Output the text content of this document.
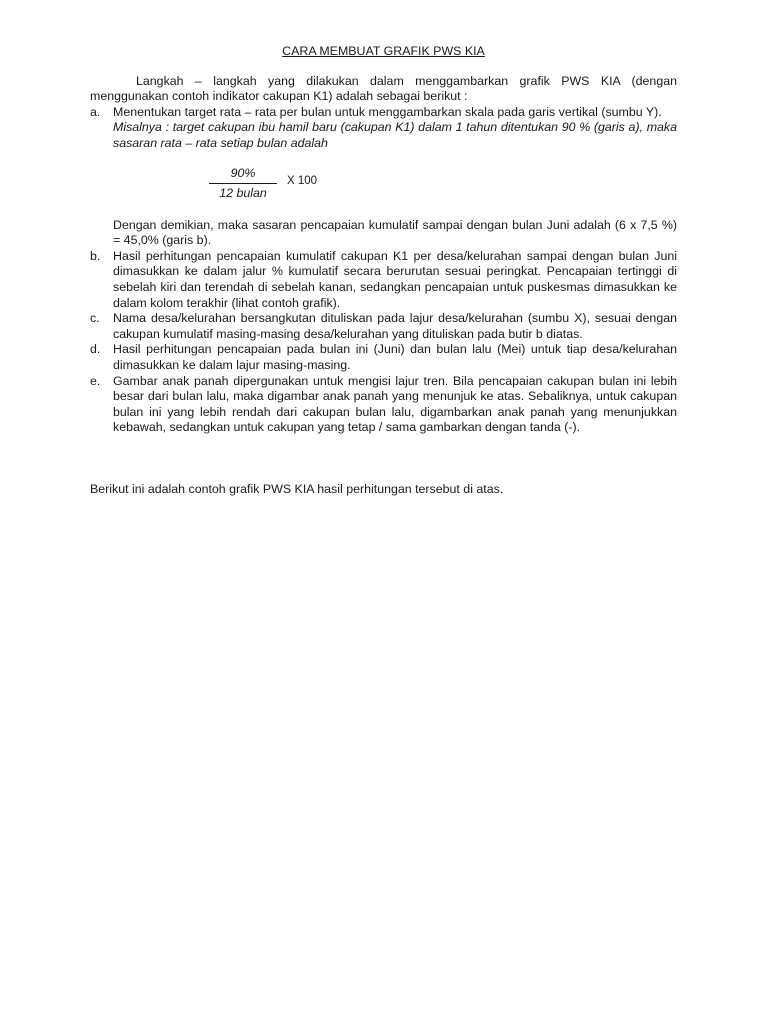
CARA MEMBUAT GRAFIK PWS KIA

Langkah – langkah yang dilakukan dalam menggambarkan grafik PWS KIA (dengan menggunakan contoh indikator cakupan K1) adalah sebagai berikut :

a. Menentukan target rata – rata per bulan untuk menggambarkan skala pada garis vertikal (sumbu Y).
Misalnya : target cakupan ibu hamil baru (cakupan K1) dalam 1 tahun ditentukan 90 % (garis a), maka sasaran rata – rata setiap bulan adalah
90%
12 bulan
X 100
Dengan demikian, maka sasaran pencapaian kumulatif sampai dengan bulan Juni adalah (6 x 7,5 %) = 45,0% (garis b).
b. Hasil perhitungan pencapaian kumulatif cakupan K1 per desa/kelurahan sampai dengan bulan Juni dimasukkan ke dalam jalur % kumulatif secara berurutan sesuai peringkat. Pencapaian tertinggi di sebelah kiri dan terendah di sebelah kanan, sedangkan pencapaian untuk puskesmas dimasukkan ke dalam kolom terakhir (lihat contoh grafik).
c. Nama desa/kelurahan bersangkutan dituliskan pada lajur desa/kelurahan (sumbu X), sesuai dengan cakupan kumulatif masing-masing desa/kelurahan yang dituliskan pada butir b diatas.
d. Hasil perhitungan pencapaian pada bulan ini (Juni) dan bulan lalu (Mei) untuk tiap desa/kelurahan dimasukkan ke dalam lajur masing-masing.
e. Gambar anak panah dipergunakan untuk mengisi lajur tren. Bila pencapaian cakupan bulan ini lebih besar dari bulan lalu, maka digambar anak panah yang menunjuk ke atas. Sebaliknya, untuk cakupan bulan ini yang lebih rendah dari cakupan bulan lalu, digambarkan anak panah yang menunjukkan kebawah, sedangkan untuk cakupan yang tetap / sama gambarkan dengan tanda (-).

Berikut ini adalah contoh grafik PWS KIA hasil perhitungan tersebut di atas.
